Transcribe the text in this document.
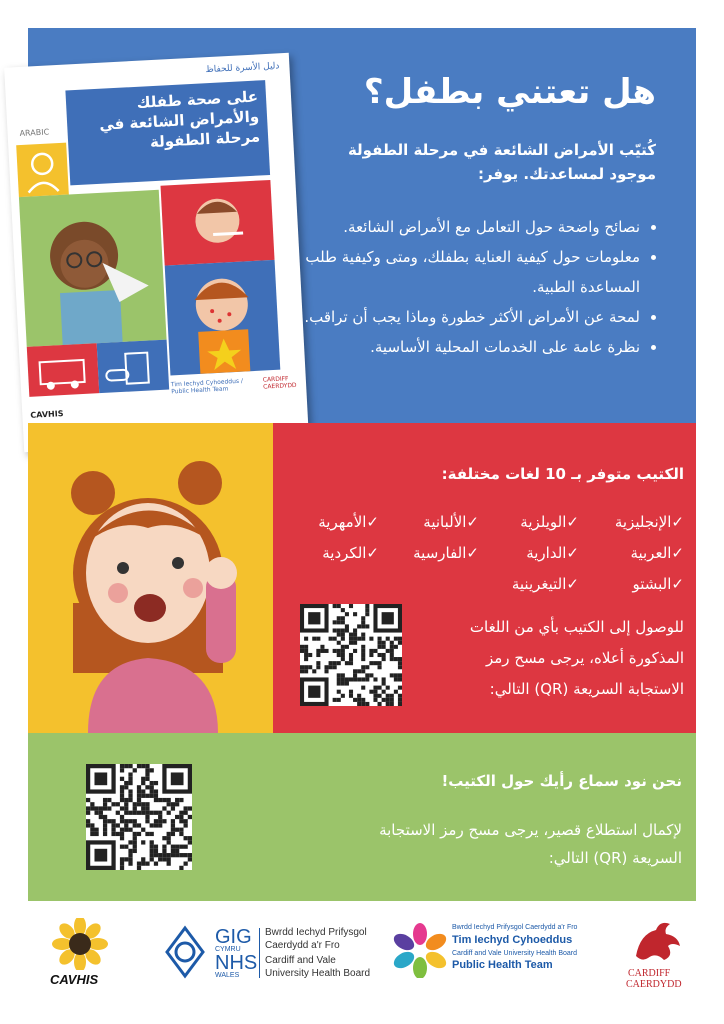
دليل الأسرة للحفاظ
ARABIC
على صحة طفلك والأمراض الشائعة في مرحلة الطفولة
CAVHIS
Tim Iechyd Cyhoeddus / Public Health Team
CARDIFF CAERDYDD
هل تعتني بطفل؟
كُتيّب الأمراض الشائعة في مرحلة الطفولة موجود لمساعدتك. يوفر:
• نصائح واضحة حول التعامل مع الأمراض الشائعة.
• معلومات حول كيفية العناية بطفلك، ومتى وكيفية طلب المساعدة الطبية.
• لمحة عن الأمراض الأكثر خطورة وماذا يجب أن تراقب.
• نظرة عامة على الخدمات المحلية الأساسية.
الكتيب متوفر بـ 10 لغات مختلفة:
✓الإنجليزية
✓الويلزية
✓الألبانية
✓الأمهرية
✓العربية
✓الدارية
✓الفارسية
✓الكردية
✓البشتو
✓التيغرينية
للوصول إلى الكتيب بأي من اللغات المذكورة أعلاه، يرجى مسح رمز الاستجابة السريعة (QR) التالي:
نحن نود سماع رأيك حول الكتيب!
لإكمال استطلاع قصير، يرجى مسح رمز الاستجابة السريعة (QR) التالي:
CAVHIS
GIG
CYMRU
NHS
WALES
Bwrdd Iechyd Prifysgol
Caerdydd a'r Fro
Cardiff and Vale
University Health Board
Bwrdd Iechyd Prifysgol Caerdydd a'r Fro
Tim Iechyd Cyhoeddus
Cardiff and Vale University Health Board
Public Health Team
CARDIFF
CAERDYDD
